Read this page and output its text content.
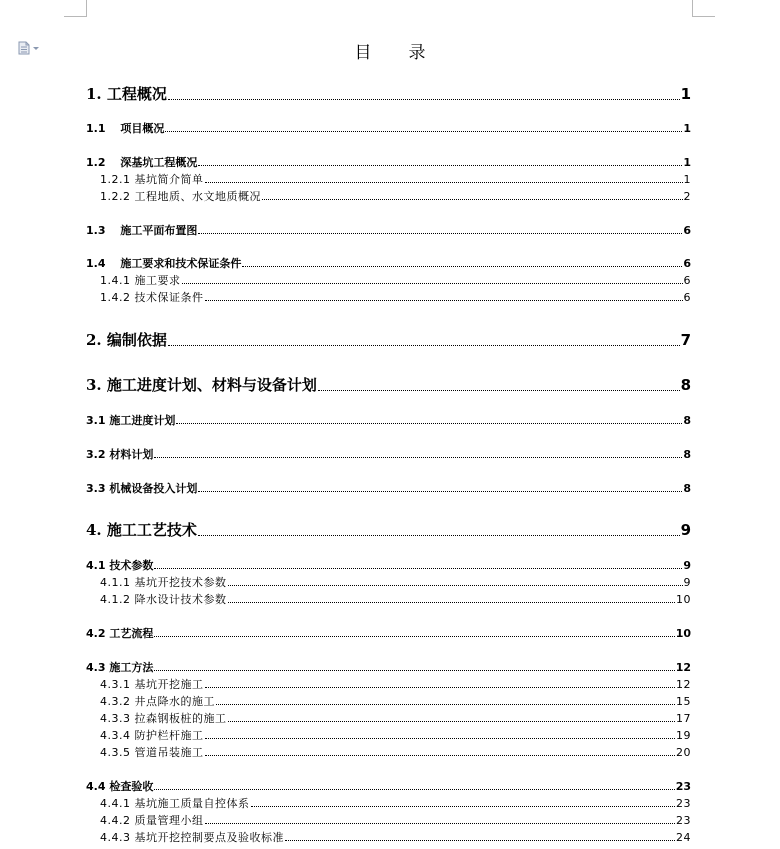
目　录
1. 工程概况	1
1.1 　项目概况	1
1.2 　深基坑工程概况	1
1.2.1 基坑简介简单	1
1.2.2 工程地质、水文地质概况	2
1.3 　施工平面布置图	6
1.4 　施工要求和技术保证条件	6
1.4.1 施工要求	6
1.4.2 技术保证条件	6
2. 编制依据	7
3. 施工进度计划、材料与设备计划	8
3.1 施工进度计划	8
3.2 材料计划	8
3.3 机械设备投入计划	8
4. 施工工艺技术	9
4.1 技术参数	9
4.1.1 基坑开挖技术参数	9
4.1.2 降水设计技术参数	10
4.2 工艺流程	10
4.3 施工方法	12
4.3.1 基坑开挖施工	12
4.3.2 井点降水的施工	15
4.3.3 拉森钢板桩的施工	17
4.3.4 防护栏杆施工	19
4.3.5 管道吊装施工	20
4.4 检查验收	23
4.4.1 基坑施工质量自控体系	23
4.4.2 质量管理小组	23
4.4.3 基坑开挖控制要点及验收标准	24
